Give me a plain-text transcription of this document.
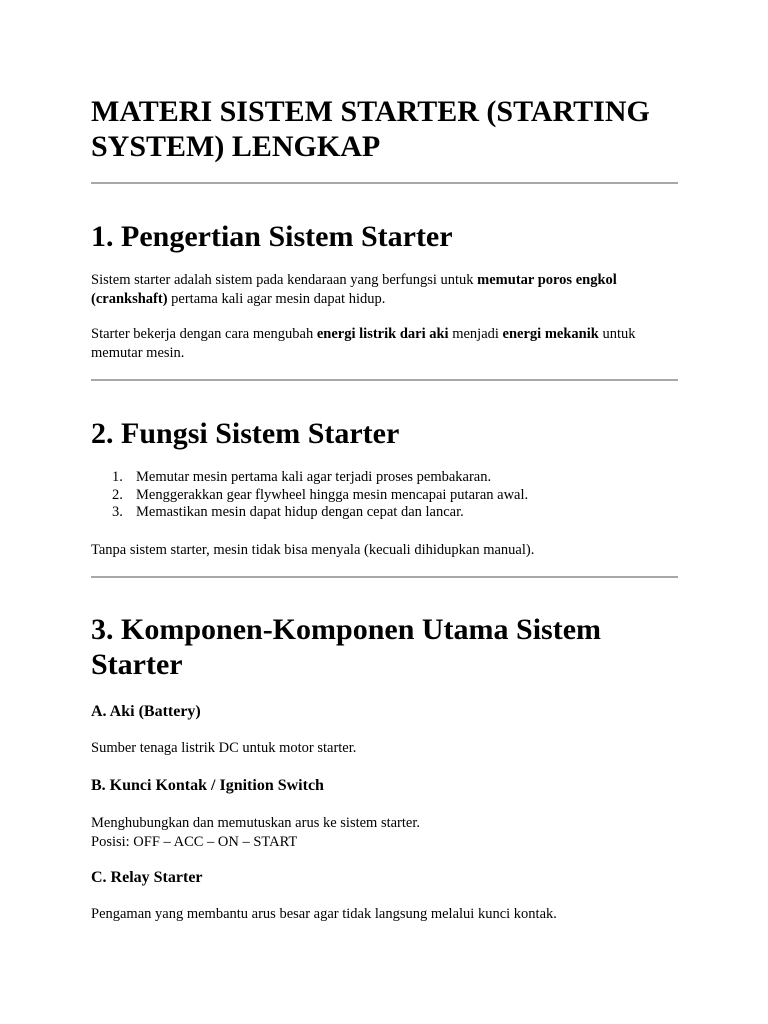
MATERI SISTEM STARTER (STARTING SYSTEM) LENGKAP
1. Pengertian Sistem Starter

Sistem starter adalah sistem pada kendaraan yang berfungsi untuk memutar poros engkol (crankshaft) pertama kali agar mesin dapat hidup.

Starter bekerja dengan cara mengubah energi listrik dari aki menjadi energi mekanik untuk memutar mesin.

2. Fungsi Sistem Starter
1. Memutar mesin pertama kali agar terjadi proses pembakaran.
2. Menggerakkan gear flywheel hingga mesin mencapai putaran awal.
3. Memastikan mesin dapat hidup dengan cepat dan lancar.

Tanpa sistem starter, mesin tidak bisa menyala (kecuali dihidupkan manual).

3. Komponen-Komponen Utama Sistem Starter
A. Aki (Battery)

Sumber tenaga listrik DC untuk motor starter.

B. Kunci Kontak / Ignition Switch

Menghubungkan dan memutuskan arus ke sistem starter.
Posisi: OFF – ACC – ON – START

C. Relay Starter

Pengaman yang membantu arus besar agar tidak langsung melalui kunci kontak.
